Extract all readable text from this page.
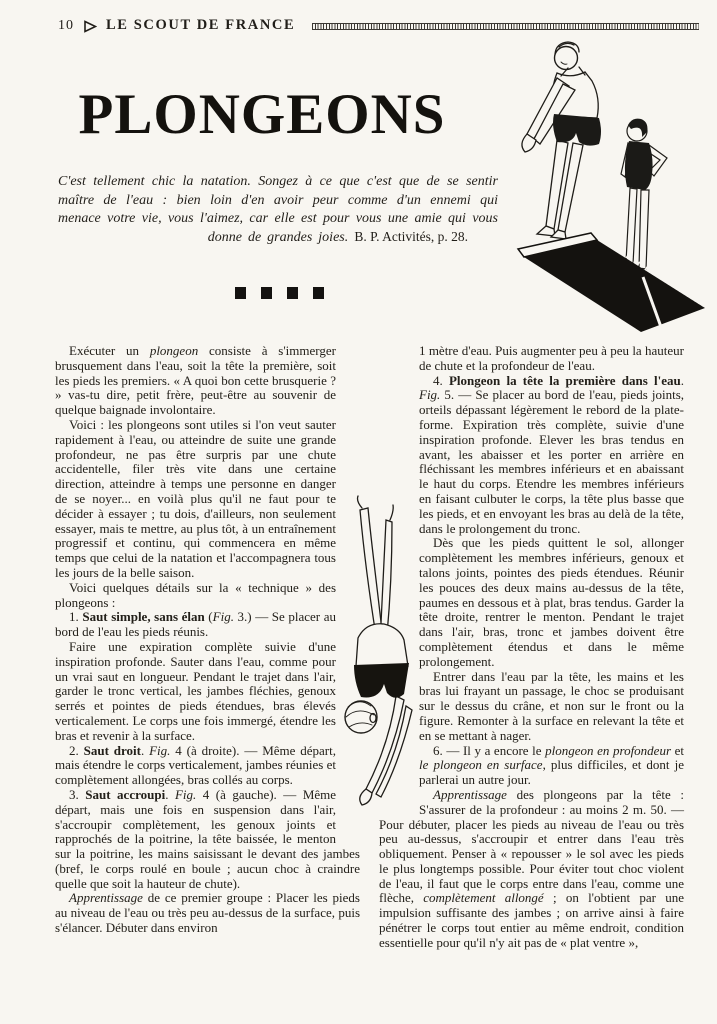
10 LE SCOUT DE FRANCE
PLONGEONS

C'est tellement chic la natation. Songez à ce que c'est que de se sentir maître de l'eau : bien loin d'en avoir peur comme d'un ennemi qui menace votre vie, vous l'aimez, car elle est pour vous une amie qui vous donne de grandes joies. B. P. Activités, p. 28.

Exécuter un plongeon consiste à s'immerger brusquement dans l'eau, soit la tête la première, soit les pieds les premiers. « A quoi bon cette brusquerie ? » vas-tu dire, petit frère, peut-être au souvenir de quelque baignade involontaire.

Voici : les plongeons sont utiles si l'on veut sauter rapidement à l'eau, ou atteindre de suite une grande profondeur, ne pas être surpris par une chute accidentelle, filer très vite dans une certaine direction, atteindre à temps une personne en danger de se noyer... en voilà plus qu'il ne faut pour te décider à essayer ; tu dois, d'ailleurs, non seulement essayer, mais te mettre, au plus tôt, à un entraînement progressif et continu, qui commencera en même temps que celui de la natation et l'accompagnera tous les jours de la belle saison.

Voici quelques détails sur la « technique » des plongeons :

1. Saut simple, sans élan (Fig. 3.) — Se placer au bord de l'eau les pieds réunis.

Faire une expiration complète suivie d'une inspiration profonde. Sauter dans l'eau, comme pour un vrai saut en longueur. Pendant le trajet dans l'air, garder le tronc vertical, les jambes fléchies, genoux serrés et pointes de pieds étendues, bras élevés verticalement. Le corps une fois immergé, étendre les bras et revenir à la surface.

2. Saut droit. Fig. 4 (à droite). — Même départ, mais étendre le corps verticalement, jambes réunies et complètement allongées, bras collés au corps.

3. Saut accroupi. Fig. 4 (à gauche). — Même départ, mais une fois en suspension dans l'air, s'accroupir complètement, les genoux joints et rapprochés de la poitrine, la tête baissée, le menton sur la poitrine, les mains saisissant le devant des jambes (bref, le corps roulé en boule ; aucun choc à craindre quelle que soit la hauteur de chute).

Apprentissage de ce premier groupe : Placer les pieds au niveau de l'eau ou très peu au-dessus de la surface, puis s'élancer. Débuter dans environ

1 mètre d'eau. Puis augmenter peu à peu la hauteur de chute et la profondeur de l'eau.

4. Plongeon la tête la première dans l'eau. Fig. 5. — Se placer au bord de l'eau, pieds joints, orteils dépassant légèrement le rebord de la plate-forme. Expiration très complète, suivie d'une inspiration profonde. Elever les bras tendus en avant, les abaisser et les porter en arrière en fléchissant les membres inférieurs et en abaissant le haut du corps. Etendre les membres inférieurs en faisant culbuter le corps, la tête plus basse que les pieds, et en envoyant les bras au delà de la tête, dans le prolongement du tronc.

Dès que les pieds quittent le sol, allonger complètement les membres inférieurs, genoux et talons joints, pointes des pieds étendues. Réunir les pouces des deux mains au-dessus de la tête, paumes en dessous et à plat, bras tendus. Garder la tête droite, rentrer le menton. Pendant le trajet dans l'air, bras, tronc et jambes doivent être complètement étendus et dans le même prolongement.

Entrer dans l'eau par la tête, les mains et les bras lui frayant un passage, le choc se produisant sur le dessus du crâne, et non sur le front ou la figure. Remonter à la surface en relevant la tête et en se mettant à nager.

6. — Il y a encore le plongeon en profondeur et le plongeon en surface, plus difficiles, et dont je parlerai un autre jour.

Apprentissage des plongeons par la tête : S'assurer de la profondeur : au moins 2 m. 50. — Pour débuter, placer les pieds au niveau de l'eau ou très peu au-dessus, s'accroupir et entrer dans l'eau très obliquement. Penser à « repousser » le sol avec les pieds le plus longtemps possible. Pour éviter tout choc violent de l'eau, il faut que le corps entre dans l'eau, comme une flèche, complètement allongé ; on l'obtient par une impulsion suffisante des jambes ; on arrive ainsi à faire pénétrer le corps tout entier au même endroit, condition essentielle pour qu'il n'y ait pas de « plat ventre »,
